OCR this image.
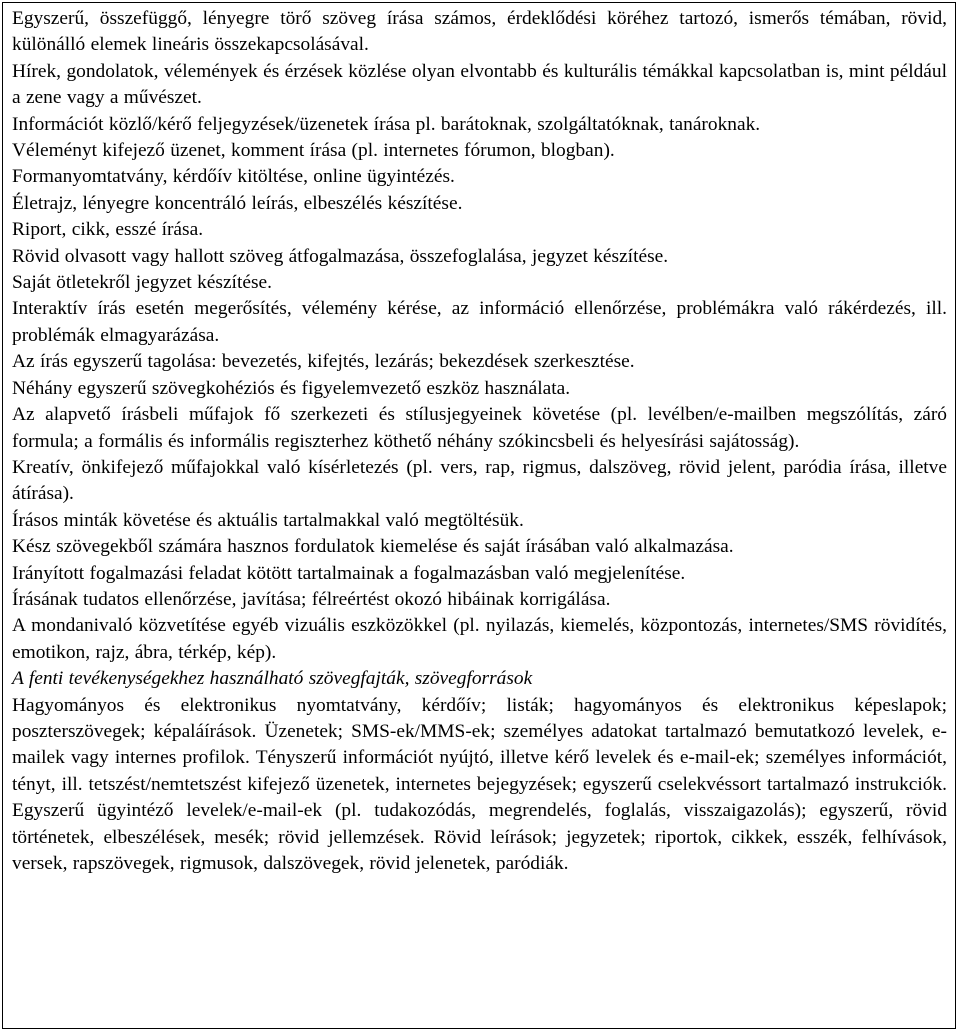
Egyszerű, összefüggő, lényegre törő szöveg írása számos, érdeklődési köréhez tartozó, ismerős témában, rövid, különálló elemek lineáris összekapcsolásával.

Hírek, gondolatok, vélemények és érzések közlése olyan elvontabb és kulturális témákkal kapcsolatban is, mint például a zene vagy a művészet.

Információt közlő/kérő feljegyzések/üzenetek írása pl. barátoknak, szolgáltatóknak, tanároknak.

Véleményt kifejező üzenet, komment írása (pl. internetes fórumon, blogban).

Formanyomtatvány, kérdőív kitöltése, online ügyintézés.

Életrajz, lényegre koncentráló leírás, elbeszélés készítése.

Riport, cikk, esszé írása.

Rövid olvasott vagy hallott szöveg átfogalmazása, összefoglalása, jegyzet készítése.

Saját ötletekről jegyzet készítése.

Interaktív írás esetén megerősítés, vélemény kérése, az információ ellenőrzése, problémákra való rákérdezés, ill. problémák elmagyarázása.

Az írás egyszerű tagolása: bevezetés, kifejtés, lezárás; bekezdések szerkesztése.

Néhány egyszerű szövegkohéziós és figyelemvezető eszköz használata.

Az alapvető írásbeli műfajok fő szerkezeti és stílusjegyeinek követése (pl. levélben/e-mailben megszólítás, záró formula; a formális és informális regiszterhez köthető néhány szókincsbeli és helyesírási sajátosság).

Kreatív, önkifejező műfajokkal való kísérletezés (pl. vers, rap, rigmus, dalszöveg, rövid jelent, paródia írása, illetve átírása).

Írásos minták követése és aktuális tartalmakkal való megtöltésük.

Kész szövegekből számára hasznos fordulatok kiemelése és saját írásában való alkalmazása.

Irányított fogalmazási feladat kötött tartalmainak a fogalmazásban való megjelenítése.

Írásának tudatos ellenőrzése, javítása; félreértést okozó hibáinak korrigálása.

A mondanivaló közvetítése egyéb vizuális eszközökkel (pl. nyilazás, kiemelés, központozás, internetes/SMS rövidítés, emotikon, rajz, ábra, térkép, kép).

A fenti tevékenységekhez használható szövegfajták, szövegforrások

Hagyományos és elektronikus nyomtatvány, kérdőív; listák; hagyományos és elektronikus képeslapok; poszterszövegek; képaláírások. Üzenetek; SMS-ek/MMS-ek; személyes adatokat tartalmazó bemutatkozó levelek, e-mailek vagy internes profilok. Tényszerű információt nyújtó, illetve kérő levelek és e-mail-ek; személyes információt, tényt, ill. tetszést/nemtetszést kifejező üzenetek, internetes bejegyzések; egyszerű cselekvéssort tartalmazó instrukciók. Egyszerű ügyintéző levelek/e-mail-ek (pl. tudakozódás, megrendelés, foglalás, visszaigazolás); egyszerű, rövid történetek, elbeszélések, mesék; rövid jellemzések. Rövid leírások; jegyzetek; riportok, cikkek, esszék, felhívások, versek, rapszövegek, rigmusok, dalszövegek, rövid jelenetek, paródiák.
